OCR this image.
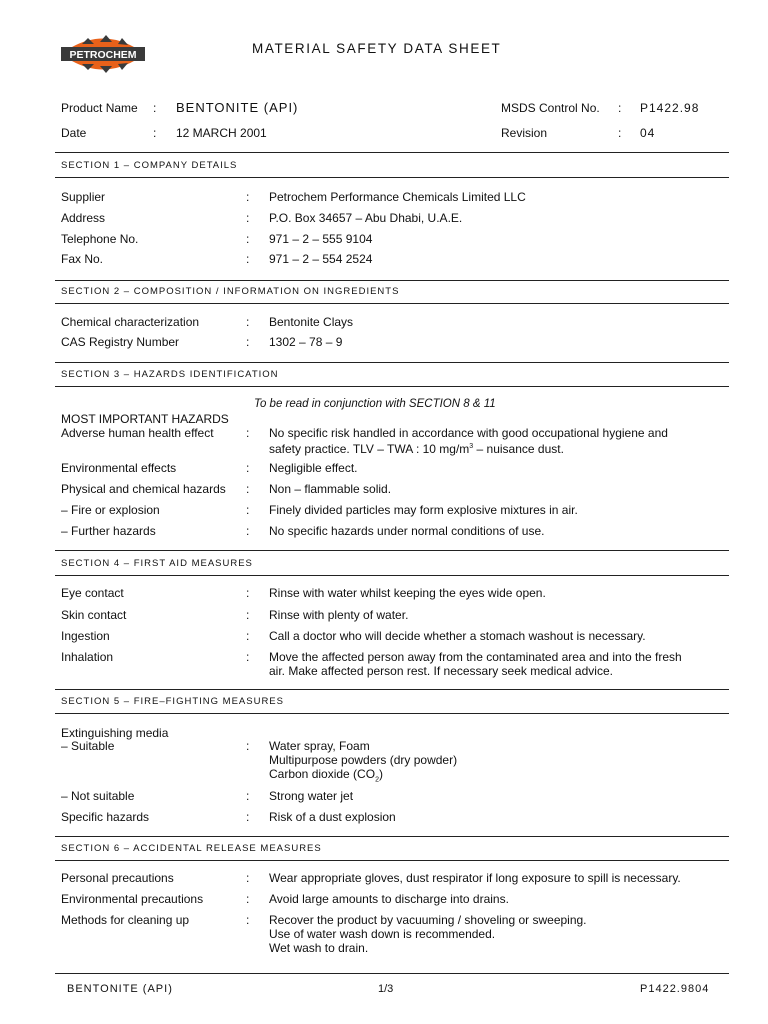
PETROCHEM	MATERIAL SAFETY DATA SHEET
Product Name : BENTONITE (API)	MSDS Control No. : P1422.98
Date	: 12 MARCH 2001	Revision	: 04
SECTION 1 – COMPANY DETAILS
Supplier	: Petrochem Performance Chemicals Limited LLC
Address	: P.O. Box 34657 – Abu Dhabi, U.A.E.
Telephone No.	: 971 – 2 – 555 9104
Fax No.	: 971 – 2 – 554 2524
SECTION 2 – COMPOSITION / INFORMATION ON INGREDIENTS
Chemical characterization	: Bentonite Clays
CAS Registry Number	: 1302 – 78 – 9
SECTION 3 – HAZARDS IDENTIFICATION
To be read in conjunction with SECTION 8 & 11
MOST IMPORTANT HAZARDS
Adverse human health effect	: No specific risk handled in accordance with good occupational hygiene and
safety practice. TLV – TWA : 10 $mg/m^3$ – nuisance dust.
Environmental effects	: Negligible effect.
Physical and chemical hazards : Non – flammable solid.
– Fire or explosion	: Finely divided particles may form explosive mixtures in air.
– Further hazards	: No specific hazards under normal conditions of use.
SECTION 4 – FIRST AID MEASURES
Eye contact	: Rinse with water whilst keeping the eyes wide open.
Skin contact	: Rinse with plenty of water.
Ingestion	: Call a doctor who will decide whether a stomach washout is necessary.
Inhalation	: Move the affected person away from the contaminated area and into the fresh
air. Make affected person rest. If necessary seek medical advice.
SECTION 5 – FIRE–FIGHTING MEASURES
Extinguishing media
– Suitable	: Water spray, Foam
Multipurpose powders (dry powder)
Carbon dioxide $(CO_2)$
– Not suitable	: Strong water jet
Specific hazards	: Risk of a dust explosion
SECTION 6 – ACCIDENTAL RELEASE MEASURES
Personal precautions	: Wear appropriate gloves, dust respirator if long exposure to spill is necessary.
Environmental precautions	: Avoid large amounts to discharge into drains.
Methods for cleaning up	: Recover the product by vacuuming / shoveling or sweeping.
Use of water wash down is recommended.
Wet wash to drain.
BENTONITE (API)	1/3	P1422.9804
